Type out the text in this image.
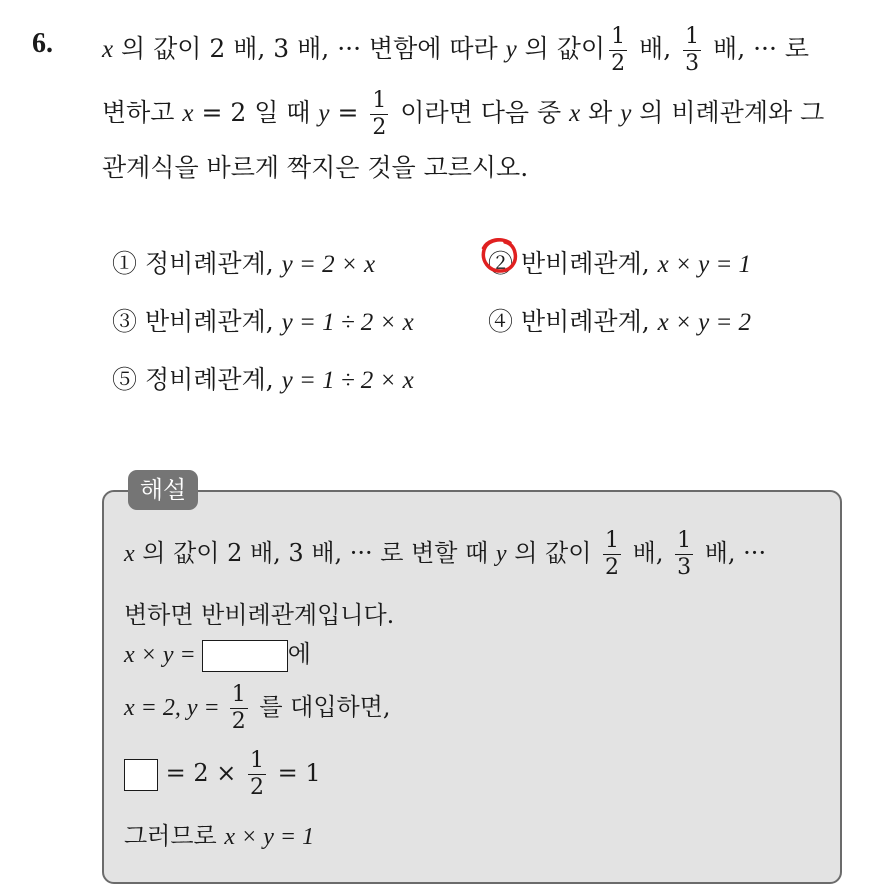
6. x 의 값이 2 배, 3 배, ··· 변함에 따라 y 의 값이 $\frac{1}{2}$ 배, $\frac{1}{3}$ 배, ··· 로
변하고 x = 2 일 때 $y = \frac{1}{2}$ 이라면 다음 중 x 와 y 의 비례관계와 그
관계식을 바르게 짝지은 것을 고르시오.
① 정비례관계, y = 2 × x	② 반비례관계, x × y = 1
③ 반비례관계, y = 1 ÷ 2 × x	④ 반비례관계, x × y = 2
⑤ 정비례관계, y = 1 ÷ 2 × x
해설
x 의 값이 2 배, 3 배, ··· 로 변할 때 y 의 값이 $\frac{1}{2}$ 배, $\frac{1}{3}$ 배, ···
변하면 반비례관계입니다.
x × y =	에
x = 2, $y = \frac{1}{2}$ 를 대입하면,
= $2 \times \frac{1}{2} = 1$
그러므로 x × y = 1
